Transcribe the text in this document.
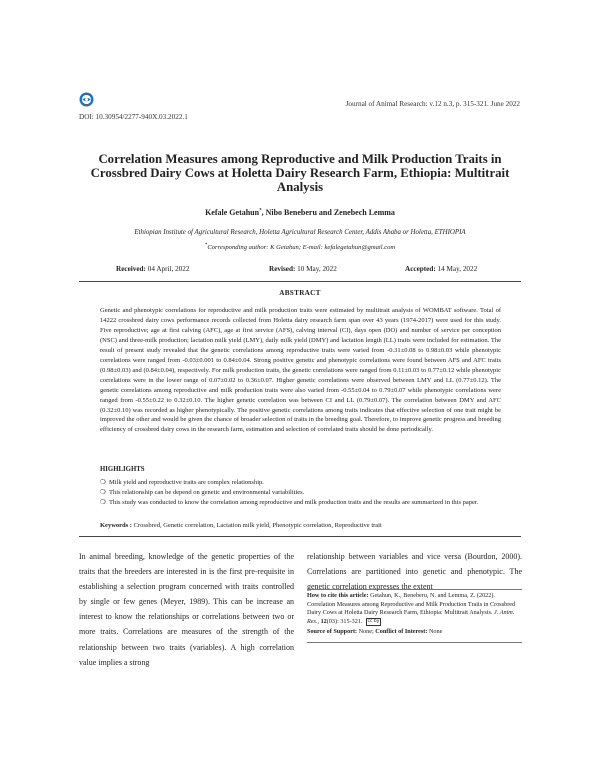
Journal of Animal Research: v.12 n.3, p. 315-321. June 2022
DOI: 10.30954/2277-940X.03.2022.1
Correlation Measures among Reproductive and Milk Production Traits in Crossbred Dairy Cows at Holetta Dairy Research Farm, Ethiopia: Multitrait Analysis
Kefale Getahun*, Nibo Beneberu and Zenebech Lemma
Ethiopian Institute of Agricultural Research, Holetta Agricultural Research Center, Addis Ababa or Holetta, ETHIOPIA
*Corresponding author: K Getahun; E-mail: kefalegetahun@gmail.com
Received: 04 April, 2022	Revised: 10 May, 2022	Accepted: 14 May, 2022
ABSTRACT
Genetic and phenotypic correlations for reproductive and milk production traits were estimated by multitrait analysis of WOMBAT software. Total of 14222 crossbred dairy cows performance records collected from Holetta dairy research farm span over 43 years (1974-2017) were used for this study. Five reproductive; age at first calving (AFC), age at first service (AFS), calving interval (CI), days open (DO) and number of service per conception (NSC) and three-milk production; lactation milk yield (LMY), daily milk yield (DMY) and lactation length (LL) traits were included for estimation. The result of present study revealed that the genetic correlations among reproductive traits were varied from -0.31±0.08 to 0.98±0.03 while phenotypic correlations were ranged from -0.03±0.001 to 0.84±0.04. Strong positive genetic and phenotypic correlations were found between AFS and AFC traits (0.98±0.03) and (0.84±0.04), respectively. For milk production traits, the genetic correlations were ranged from 0.11±0.03 to 0.77±0.12 while phenotypic correlations were in the lower range of 0.07±0.02 to 0.36±0.07. Higher genetic correlations were observed between LMY and LL (0.77±0.12). The genetic correlations among reproductive and milk production traits were also varied from -0.55±0.04 to 0.79±0.07 while phenotypic correlations were ranged from -0.55±0.22 to 0.32±0.10. The higher genetic correlation was between CI and LL (0.79±0.07). The correlation between DMY and AFC (0.32±0.10) was recorded as higher phenotypically. The positive genetic correlations among traits indicates that effective selection of one trait might be improved the other and would be given the chance of broader selection of traits in the breeding goal. Therefore, to improve genetic progress and breeding efficiency of crossbred dairy cows in the research farm, estimation and selection of correlated traits should be done periodically.
HIGHLIGHTS
❍ Milk yield and reproductive traits are complex relationship.
❍ This relationship can be depend on genetic and environmental variabilities.
❍ This study was conducted to know the correlation among reproductive and milk production traits and the results are summarized in this paper.
Keywords : Crossbred, Genetic correlation, Lactation milk yield, Phenotypic correlation, Reproductive trait
In animal breeding, knowledge of the genetic properties of the traits that the breeders are interested in is the first pre-requisite in establishing a selection program concerned with traits controlled by single or few genes (Meyer, 1989). This can be increase an interest to know the relationships or correlations between two or more traits. Correlations are measures of the strength of the relationship between two traits (variables). A high correlation value implies a strong
relationship between variables and vice versa (Bourdon, 2000). Correlations are partitioned into genetic and phenotypic. The genetic correlation expresses the extent

How to cite this article: Getahun, K., Beneberu, N. and Lemma, Z. (2022). Correlation Measures among Reproductive and Milk Production Traits in Crossbred Dairy Cows at Holetta Dairy Research Farm, Ethiopia: Multitrait Analysis. J. Anim. Res., 12(03): 315-321. cc by

Source of Support: None; Conflict of Interest: None
